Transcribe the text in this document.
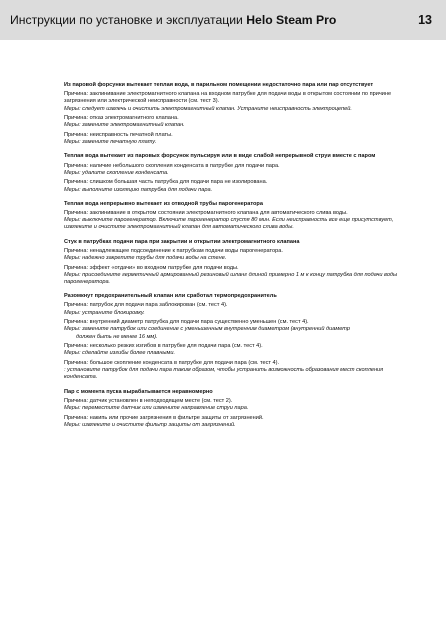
Инструкции по установке и эксплуатации Helo Steam Pro	13
Из паровой форсунки вытекает теплая вода, в парильном помещении недостаточно пара или пар отсутствует
Причина: заклинивание электромагнитного клапана на входном патрубке для подачи воды в открытом состоянии по причине загрязнения или электрической неисправности (см. тест 3).
Меры: следует извлечь и очистить электромагнитный клапан. Устраните неисправность электроцепей.
Причина: отказ электромагнитного клапана.
Меры: замените электромагнитный клапан.
Причина: неисправность печатной платы.
Меры: замените печатную плату.
Теплая вода вытекает из паровых форсунок пульсируя или в виде слабой непрерывной струи вместе с паром
Причина: наличие небольшого скопления конденсата в патрубке для подачи пара.
Меры: удалите скопление конденсата.
Причина: слишком большая часть патрубка для подачи пара не изолирована.
Меры: выполните изоляцию патрубка для подачи пара.
Теплая вода непрерывно вытекает из отводной трубы парогенератора
Причина: заклинивание в открытом состоянии электромагнитного клапана для автоматического слива воды.
Меры: выключите парогенератор. Включите парогенератор спустя 80 мин. Если неисправность все еще присутствует, извлеките и очистите электромагнитный клапан для автоматического слива воды.
Стук в патрубках подачи пара при закрытии и открытии электромагнитного клапана
Причина: ненадлежащее подсоединение к патрубкам подачи воды парогенератора.
Меры: надежно закрепите трубы для подачи воды на стене.
Причина: эффект «отдачи» во входном патрубке для подачи воды.
Меры: присоедините герметичный армированный резиновый шланг длиной примерно 1 м к концу патрубка для подачи воды парогенератора.
Разомкнут предохранительный клапан или сработал термопредохранитель
Причина: патрубок для подачи пара заблокирован (см. тест 4).
Меры: устраните блокировку.
Причина: внутренний диаметр патрубка для подачи пара существенно уменьшен (см. тест 4).
Меры: замените патрубок или соединение с уменьшенным внутренним диаметром (внутренний диаметр
должен быть не менее 16 мм).
Причина: несколько резких изгибов в патрубке для подачи пара (см. тест 4).
Меры: сделайте изгибы более плавными.
Причина: большое скопление конденсата в патрубке для подачи пара (см. тест 4).
: установите патрубок для подачи пара таким образом, чтобы устранить возможность образования мест скопления конденсата.
Пар с момента пуска вырабатывается неравномерно
Причина: датчик установлен в неподходящем месте (см. тест 2).
Меры: переместите датчик или измените направление струи пара.
Причина: накипь или прочие загрязнения в фильтре защиты от загрязнений.
Меры: извлеките и очистите фильтр защиты от загрязнений.
